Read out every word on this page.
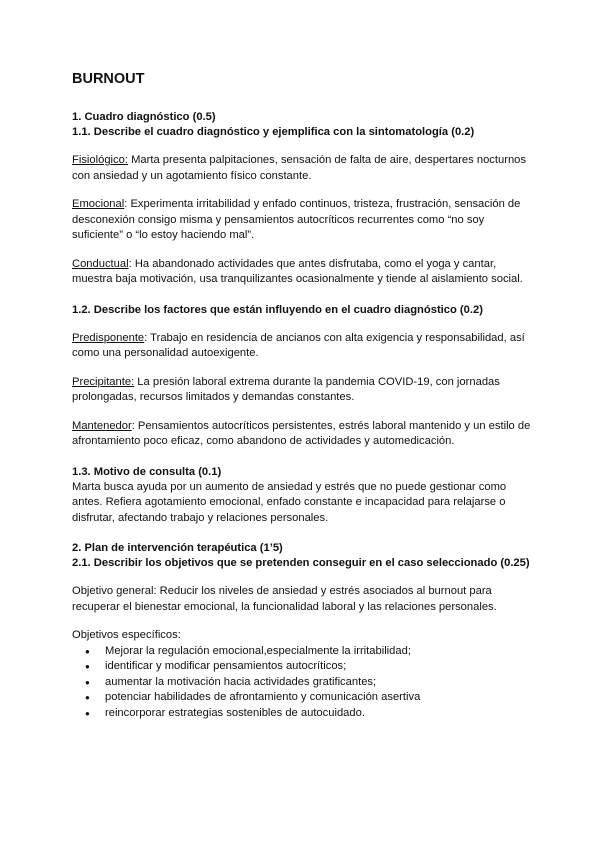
BURNOUT
1. Cuadro diagnóstico (0.5)
1.1. Describe el cuadro diagnóstico y ejemplifica con la sintomatología (0.2)

Fisiológico: Marta presenta palpitaciones, sensación de falta de aire, despertares nocturnos con ansiedad y un agotamiento físico constante.

Emocional: Experimenta irritabilidad y enfado continuos, tristeza, frustración, sensación de desconexión consigo misma y pensamientos autocríticos recurrentes como “no soy suficiente” o “lo estoy haciendo mal”.

Conductual: Ha abandonado actividades que antes disfrutaba, como el yoga y cantar, muestra baja motivación, usa tranquilizantes ocasionalmente y tiende al aislamiento social.

1.2. Describe los factores que están influyendo en el cuadro diagnóstico (0.2)

Predisponente: Trabajo en residencia de ancianos con alta exigencia y responsabilidad, así como una personalidad autoexigente.

Precipitante: La presión laboral extrema durante la pandemia COVID-19, con jornadas prolongadas, recursos limitados y demandas constantes.

Mantenedor: Pensamientos autocríticos persistentes, estrés laboral mantenido y un estilo de afrontamiento poco eficaz, como abandono de actividades y automedicación.

1.3. Motivo de consulta (0.1)

Marta busca ayuda por un aumento de ansiedad y estrés que no puede gestionar como antes. Refiera agotamiento emocional, enfado constante e incapacidad para relajarse o disfrutar, afectando trabajo y relaciones personales.

2. Plan de intervención terapéutica (1’5)
2.1. Describir los objetivos que se pretenden conseguir en el caso seleccionado (0.25)

Objetivo general: Reducir los niveles de ansiedad y estrés asociados al burnout para recuperar el bienestar emocional, la funcionalidad laboral y las relaciones personales.

Objetivos específicos:

● Mejorar la regulación emocional,especialmente la irritabilidad;
● identificar y modificar pensamientos autocríticos;
● aumentar la motivación hacia actividades gratificantes;
● potenciar habilidades de afrontamiento y comunicación asertiva
● reincorporar estrategias sostenibles de autocuidado.
